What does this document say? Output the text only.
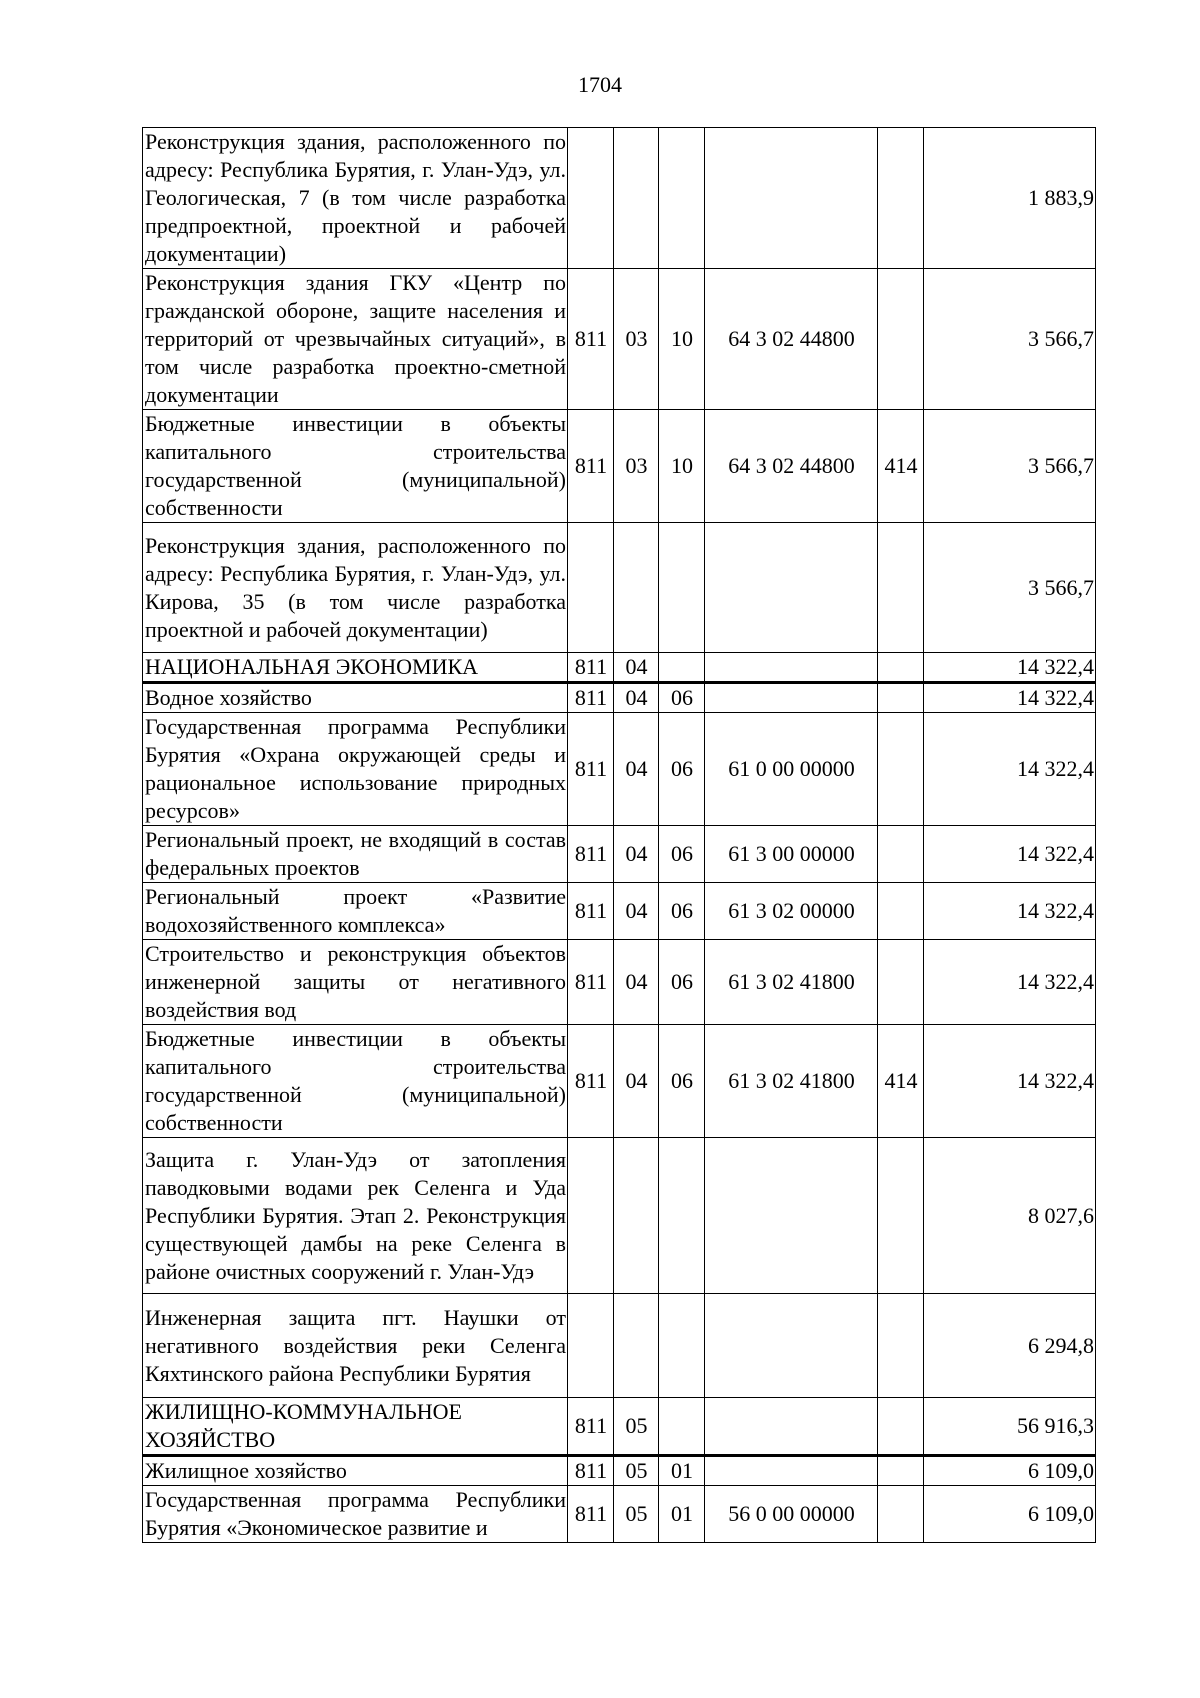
1704
Реконструкция здания, расположенного по адресу: Республика Бурятия, г. Улан-Удэ, ул. Геологическая, 7 (в том числе разработка предпроектной, проектной и рабочей документации)						1 883,9
Реконструкция здания ГКУ «Центр по гражданской обороне, защите населения и территорий от чрезвычайных ситуаций», в том числе разработка проектно-сметной документации	811	03	10	64 3 02 44800		3 566,7
Бюджетные инвестиции в объекты капитального строительства государственной (муниципальной) собственности	811	03	10	64 3 02 44800	414	3 566,7
Реконструкция здания, расположенного по адресу: Республика Бурятия, г. Улан-Удэ, ул. Кирова, 35 (в том числе разработка проектной и рабочей документации)						3 566,7
НАЦИОНАЛЬНАЯ ЭКОНОМИКА	811	04				14 322,4
Водное хозяйство	811	04	06			14 322,4
Государственная программа Республики Бурятия «Охрана окружающей среды и рациональное использование природных ресурсов»	811	04	06	61 0 00 00000		14 322,4
Региональный проект, не входящий в состав федеральных проектов	811	04	06	61 3 00 00000		14 322,4
Региональный проект «Развитие водохозяйственного комплекса»	811	04	06	61 3 02 00000		14 322,4
Строительство и реконструкция объектов инженерной защиты от негативного воздействия вод	811	04	06	61 3 02 41800		14 322,4
Бюджетные инвестиции в объекты капитального строительства государственной (муниципальной) собственности	811	04	06	61 3 02 41800	414	14 322,4
Защита г. Улан-Удэ от затопления паводковыми водами рек Селенга и Уда Республики Бурятия. Этап 2. Реконструкция существующей дамбы на реке Селенга в районе очистных сооружений г. Улан-Удэ						8 027,6
Инженерная защита пгт. Наушки от негативного воздействия реки Селенга Кяхтинского района Республики Бурятия						6 294,8
ЖИЛИЩНО-КОММУНАЛЬНОЕ ХОЗЯЙСТВО	811	05				56 916,3
Жилищное хозяйство	811	05	01			6 109,0
Государственная программа Республики Бурятия «Экономическое развитие и	811	05	01	56 0 00 00000		6 109,0
